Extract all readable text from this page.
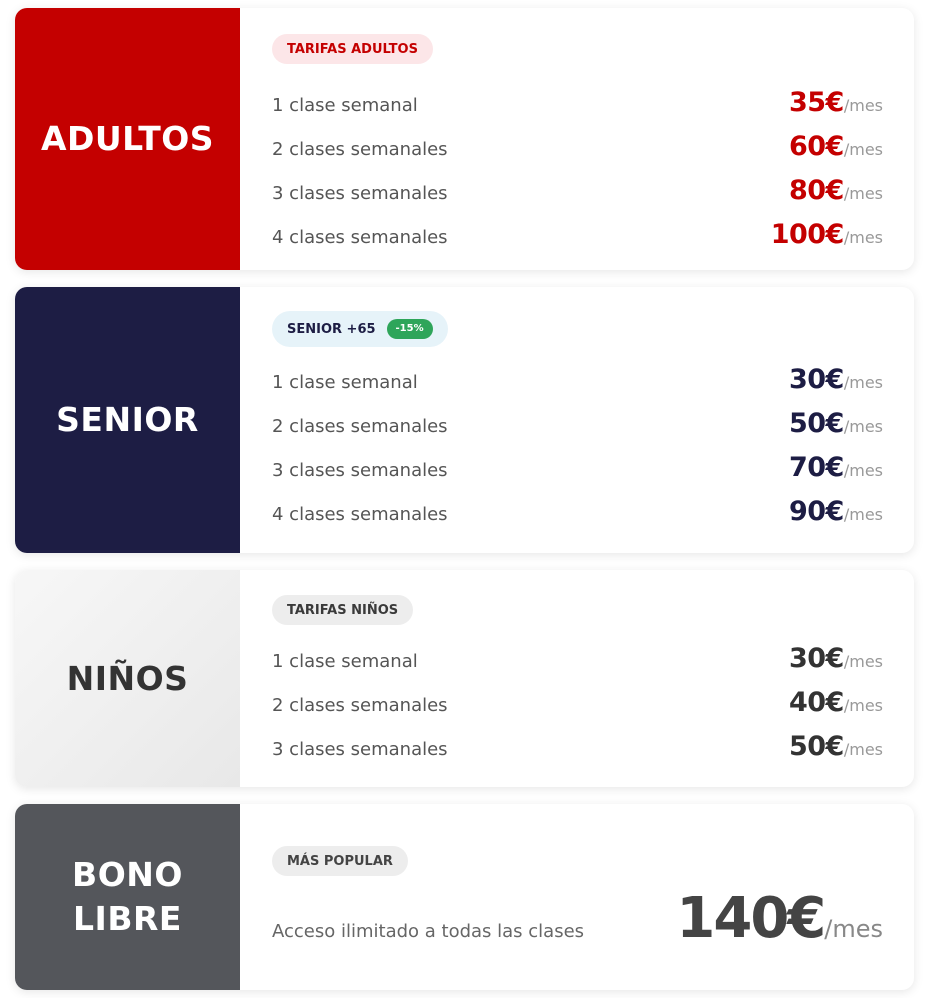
ADULTOS
TARIFAS ADULTOS
1 clase semanal	35€/mes
2 clases semanales	60€/mes
3 clases semanales	80€/mes
4 clases semanales	100€/mes
SENIOR
SENIOR +65	-15%
1 clase semanal	30€/mes
2 clases semanales	50€/mes
3 clases semanales	70€/mes
4 clases semanales	90€/mes
NIÑOS
TARIFAS NIÑOS
1 clase semanal	30€/mes
2 clases semanales	40€/mes
3 clases semanales	50€/mes
BONO
LIBRE
MÁS POPULAR
Acceso ilimitado a todas las clases 140€/mes
